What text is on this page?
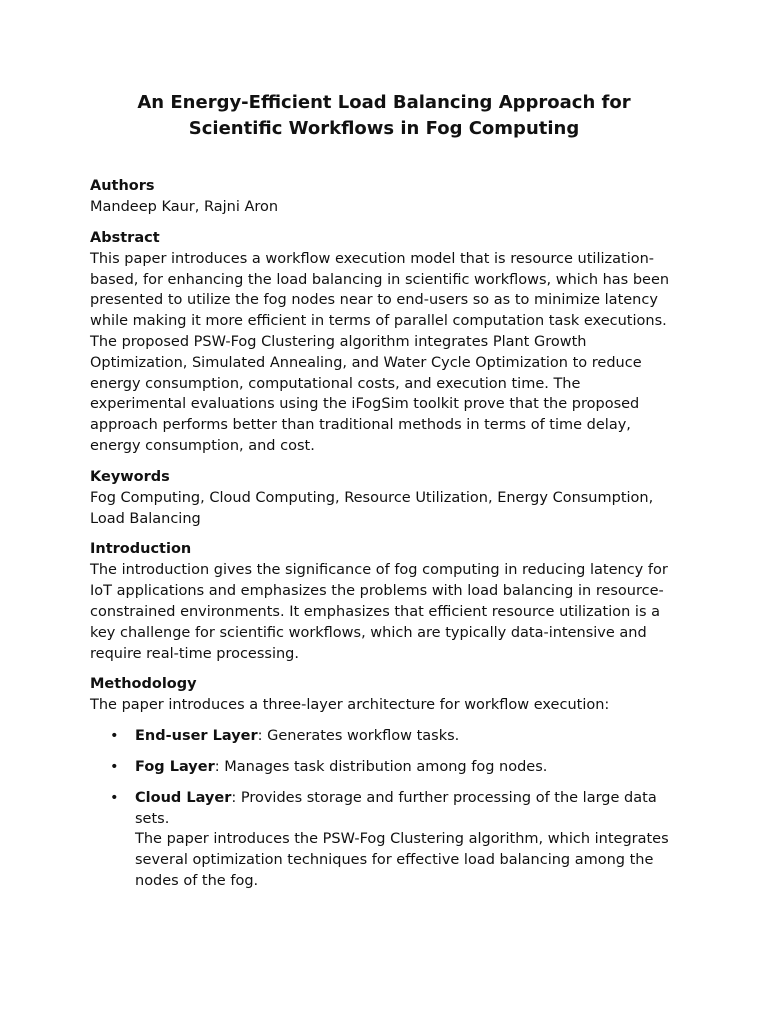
An Energy-Efficient Load Balancing Approach for
Scientific Workflows in Fog Computing

Authors

Mandeep Kaur, Rajni Aron

Abstract

This paper introduces a workflow execution model that is resource utilization-based, for enhancing the load balancing in scientific workflows, which has been presented to utilize the fog nodes near to end-users so as to minimize latency while making it more efficient in terms of parallel computation task executions. The proposed PSW-Fog Clustering algorithm integrates Plant Growth Optimization, Simulated Annealing, and Water Cycle Optimization to reduce energy consumption, computational costs, and execution time. The experimental evaluations using the iFogSim toolkit prove that the proposed approach performs better than traditional methods in terms of time delay, energy consumption, and cost.

Keywords

Fog Computing, Cloud Computing, Resource Utilization, Energy Consumption, Load Balancing

Introduction

The introduction gives the significance of fog computing in reducing latency for IoT applications and emphasizes the problems with load balancing in resource-constrained environments. It emphasizes that efficient resource utilization is a key challenge for scientific workflows, which are typically data-intensive and require real-time processing.

Methodology

The paper introduces a three-layer architecture for workflow execution:

• End-user Layer: Generates workflow tasks.
• Fog Layer: Manages task distribution among fog nodes.
• Cloud Layer: Provides storage and further processing of the large data sets.
The paper introduces the PSW-Fog Clustering algorithm, which integrates several optimization techniques for effective load balancing among the nodes of the fog.
